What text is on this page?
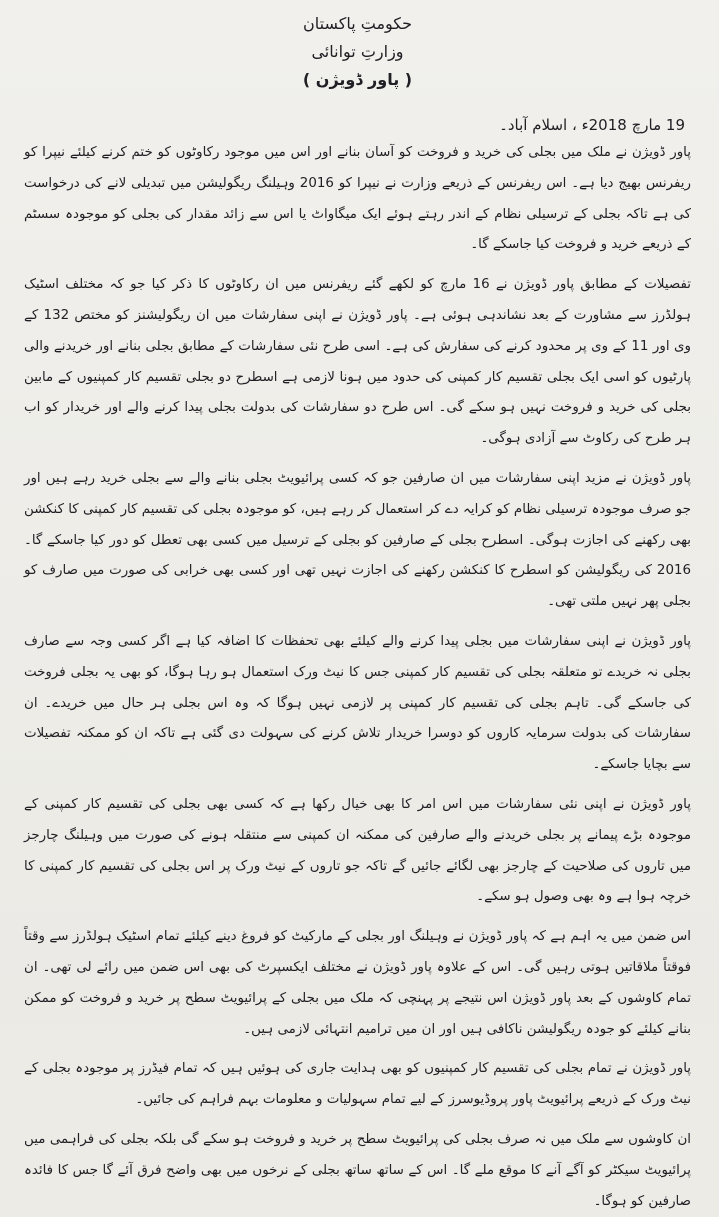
حکومتِ پاکستان
وزارتِ توانائی
( پاور ڈویژن )
19 مارچ 2018ء ، اسلام آباد۔

پاور ڈویژن نے ملک میں بجلی کی خرید و فروخت کو آسان بنانے اور اس میں موجود رکاوٹوں کو ختم کرنے کیلئے نیپرا کو ریفرنس بھیج دیا ہے۔ اس ریفرنس کے ذریعے وزارت نے نیپرا کو 2016 وہیلنگ ریگولیشن میں تبدیلی لانے کی درخواست کی ہے تاکہ بجلی کے ترسیلی نظام کے اندر رہتے ہوئے ایک میگاواٹ یا اس سے زائد مقدار کی بجلی کو موجودہ سسٹم کے ذریعے خرید و فروخت کیا جاسکے گا۔

تفصیلات کے مطابق پاور ڈویژن نے 16 مارچ کو لکھے گئے ریفرنس میں ان رکاوٹوں کا ذکر کیا جو کہ مختلف اسٹیک ہولڈرز سے مشاورت کے بعد نشاندہی ہوئی ہے۔ پاور ڈویژن نے اپنی سفارشات میں ان ریگولیشنز کو مختص 132 کے وی اور 11 کے وی پر محدود کرنے کی سفارش کی ہے۔ اسی طرح نئی سفارشات کے مطابق بجلی بنانے اور خریدنے والی پارٹیوں کو اسی ایک بجلی تقسیم کار کمپنی کی حدود میں ہونا لازمی ہے اسطرح دو بجلی تقسیم کار کمپنیوں کے مابین بجلی کی خرید و فروخت نہیں ہو سکے گی۔ اس طرح دو سفارشات کی بدولت بجلی پیدا کرنے والے اور خریدار کو اب ہر طرح کی رکاوٹ سے آزادی ہوگی۔

پاور ڈویژن نے مزید اپنی سفارشات میں ان صارفین جو کہ کسی پرائیویٹ بجلی بنانے والے سے بجلی خرید رہے ہیں اور جو صرف موجودہ ترسیلی نظام کو کرایہ دے کر استعمال کر رہے ہیں، کو موجودہ بجلی کی تقسیم کار کمپنی کا کنکشن بھی رکھنے کی اجازت ہوگی۔ اسطرح بجلی کے صارفین کو بجلی کے ترسیل میں کسی بھی تعطل کو دور کیا جاسکے گا۔ 2016 کی ریگولیشن کو اسطرح کا کنکشن رکھنے کی اجازت نہیں تھی اور کسی بھی خرابی کی صورت میں صارف کو بجلی پھر نہیں ملتی تھی۔

پاور ڈویژن نے اپنی سفارشات میں بجلی پیدا کرنے والے کیلئے بھی تحفظات کا اضافہ کیا ہے اگر کسی وجہ سے صارف بجلی نہ خریدے تو متعلقہ بجلی کی تقسیم کار کمپنی جس کا نیٹ ورک استعمال ہو رہا ہوگا، کو بھی یہ بجلی فروخت کی جاسکے گی۔ تاہم بجلی کی تقسیم کار کمپنی پر لازمی نہیں ہوگا کہ وہ اس بجلی ہر حال میں خریدے۔ ان سفارشات کی بدولت سرمایہ کاروں کو دوسرا خریدار تلاش کرنے کی سہولت دی گئی ہے تاکہ ان کو ممکنہ تفصیلات سے بچایا جاسکے۔

پاور ڈویژن نے اپنی نئی سفارشات میں اس امر کا بھی خیال رکھا ہے کہ کسی بھی بجلی کی تقسیم کار کمپنی کے موجودہ بڑے پیمانے پر بجلی خریدنے والے صارفین کی ممکنہ ان کمپنی سے منتقلہ ہونے کی صورت میں وہیلنگ چارجز میں تاروں کی صلاحیت کے چارجز بھی لگائے جائیں گے تاکہ جو تاروں کے نیٹ ورک پر اس بجلی کی تقسیم کار کمپنی کا خرچہ ہوا ہے وہ بھی وصول ہو سکے۔

اس ضمن میں یہ اہم ہے کہ پاور ڈویژن نے وہیلنگ اور بجلی کے مارکیٹ کو فروغ دینے کیلئے تمام اسٹیک ہولڈرز سے وقتاً فوقتاً ملاقاتیں ہوتی رہیں گی۔ اس کے علاوہ پاور ڈویژن نے مختلف ایکسپرٹ کی بھی اس ضمن میں رائے لی تھی۔ ان تمام کاوشوں کے بعد پاور ڈویژن اس نتیجے پر پہنچی کہ ملک میں بجلی کے پرائیویٹ سطح پر خرید و فروخت کو ممکن بنانے کیلئے کو جودہ ریگولیشن ناکافی ہیں اور ان میں ترامیم انتہائی لازمی ہیں۔

پاور ڈویژن نے تمام بجلی کی تقسیم کار کمپنیوں کو بھی ہدایت جاری کی ہوئیں ہیں کہ تمام فیڈرز پر موجودہ بجلی کے نیٹ ورک کے ذریعے پرائیویٹ پاور پروڈیوسرز کے لیے تمام سہولیات و معلومات بہم فراہم کی جائیں۔

ان کاوشوں سے ملک میں نہ صرف بجلی کی پرائیویٹ سطح پر خرید و فروخت ہو سکے گی بلکہ بجلی کی فراہمی میں پرائیویٹ سیکٹر کو آگے آنے کا موقع ملے گا۔ اس کے ساتھ ساتھ بجلی کے نرخوں میں بھی واضح فرق آئے گا جس کا فائدہ صارفین کو ہوگا۔
